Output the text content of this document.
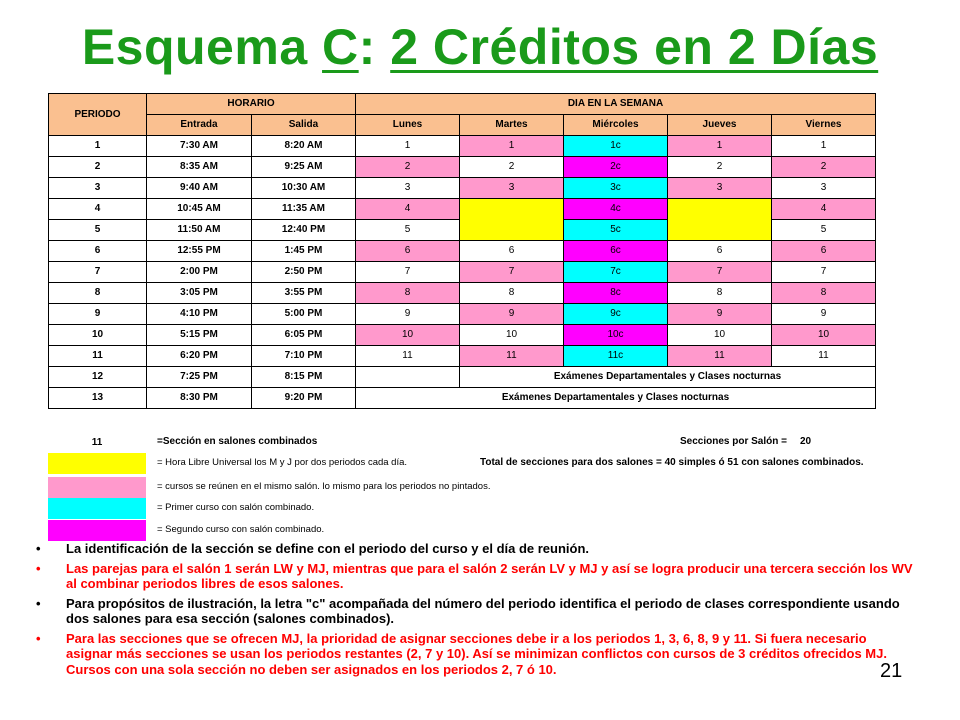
Esquema C: 2 Créditos en 2 Días
PERIODO	HORARIO		DIA EN LA SEMANA				
	Entrada	Salida	Lunes	Martes	Miércoles	Jueves	Viernes
1	7:30 AM	8:20 AM	1	1	1c	1	1
2	8:35 AM	9:25 AM	2	2	2c	2	2
3	9:40 AM	10:30 AM	3	3	3c	3	3
4	10:45 AM	11:35 AM	4		4c		4
5	11:50 AM	12:40 PM	5		5c		5
6	12:55 PM	1:45 PM	6	6	6c	6	6
7	2:00 PM	2:50 PM	7	7	7c	7	7
8	3:05 PM	3:55 PM	8	8	8c	8	8
9	4:10 PM	5:00 PM	9	9	9c	9	9
10	5:15 PM	6:05 PM	10	10	10c	10	10
11	6:20 PM	7:10 PM	11	11	11c	11	11
12	7:25 PM	8:15 PM		Exámenes Departamentales y Clases nocturnas			
13	8:30 PM	9:20 PM	Exámenes Departamentales y Clases nocturnas				
11	=Sección en salones combinados	Secciones por Salón = 20
= Hora Libre Universal los M y J por dos periodos cada día.	Total de secciones para dos salones = 40 simples ó 51 con salones combinados.
= cursos se reúnen en el mismo salón. lo mismo para los periodos no pintados.
= Primer curso con salón combinado.
= Segundo curso con salón combinado.
• La identificación de la sección se define con el periodo del curso y el día de reunión.
• Las parejas para el salón 1 serán LW y MJ, mientras que para el salón 2 serán LV y MJ y así se logra producir una tercera sección los WV al combinar periodos libres de esos salones.
• Para propósitos de ilustración, la letra "c" acompañada del número del periodo identifica el periodo de clases correspondiente usando dos salones para esa sección (salones combinados).
• Para las secciones que se ofrecen MJ, la prioridad de asignar secciones debe ir a los periodos 1, 3, 6, 8, 9 y 11. Si fuera necesario asignar más secciones se usan los periodos restantes (2, 7 y 10). Así se minimizan conflictos con cursos de 3 créditos ofrecidos MJ. Cursos con una sola sección no deben ser asignados en los periodos 2, 7 ó 10.	21
